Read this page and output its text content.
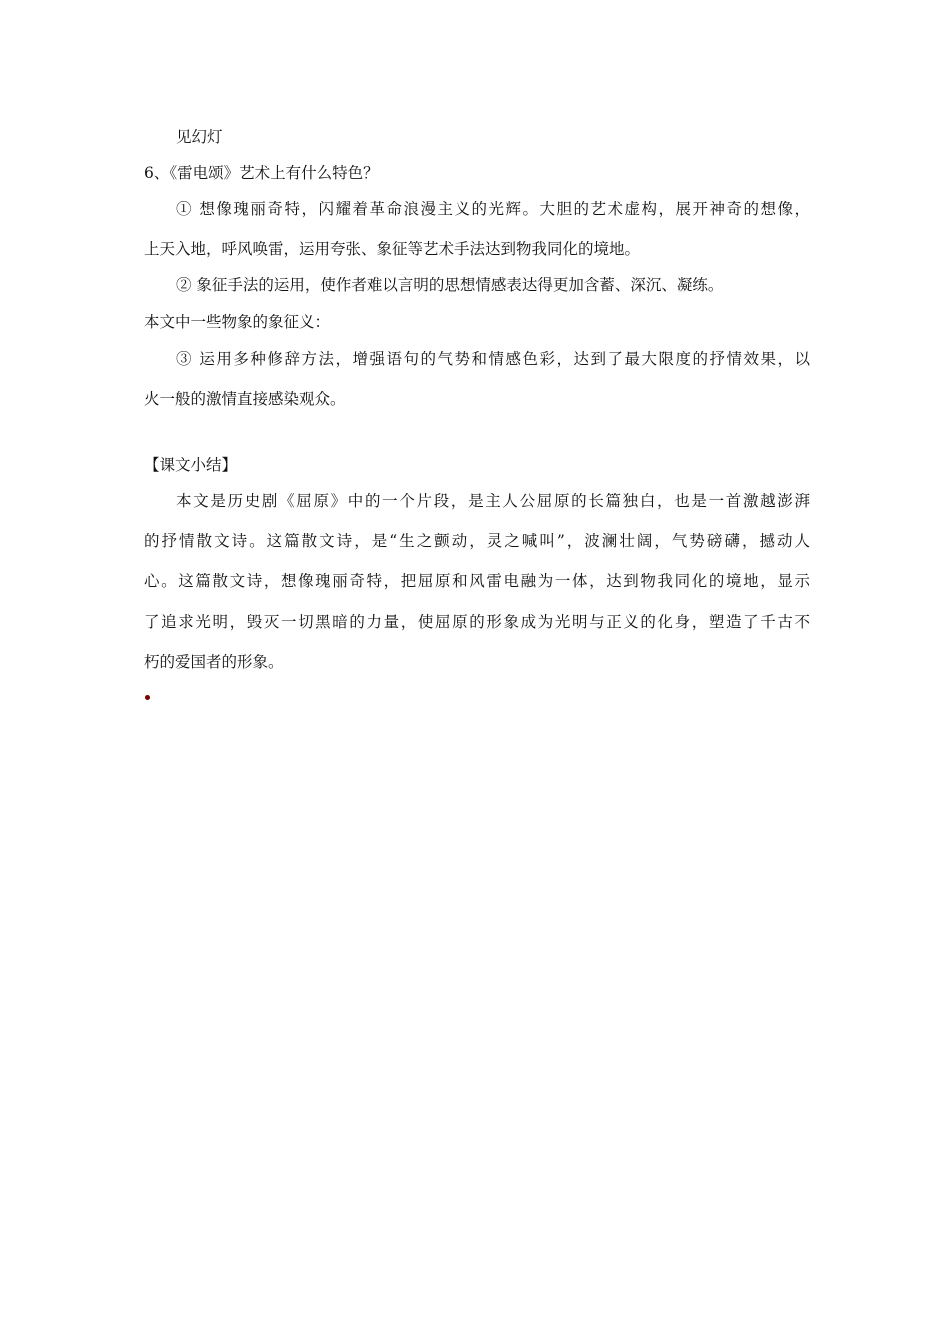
见幻灯
6、《雷电颂》艺术上有什么特色？
① 想像瑰丽奇特，闪耀着革命浪漫主义的光辉。大胆的艺术虚构，展开神奇的想像，
上天入地，呼风唤雷，运用夸张、象征等艺术手法达到物我同化的境地。
② 象征手法的运用，使作者难以言明的思想情感表达得更加含蓄、深沉、凝练。
本文中一些物象的象征义：
③ 运用多种修辞方法，增强语句的气势和情感色彩，达到了最大限度的抒情效果，以
火一般的激情直接感染观众。
【课文小结】
本文是历史剧《屈原》中的一个片段，是主人公屈原的长篇独白，也是一首激越澎湃
的抒情散文诗。这篇散文诗，是“生之颤动，灵之喊叫”，波澜壮阔，气势磅礴，撼动人
心。这篇散文诗，想像瑰丽奇特，把屈原和风雷电融为一体，达到物我同化的境地，显示
了追求光明，毁灭一切黑暗的力量，使屈原的形象成为光明与正义的化身，塑造了千古不
朽的爱国者的形象。
